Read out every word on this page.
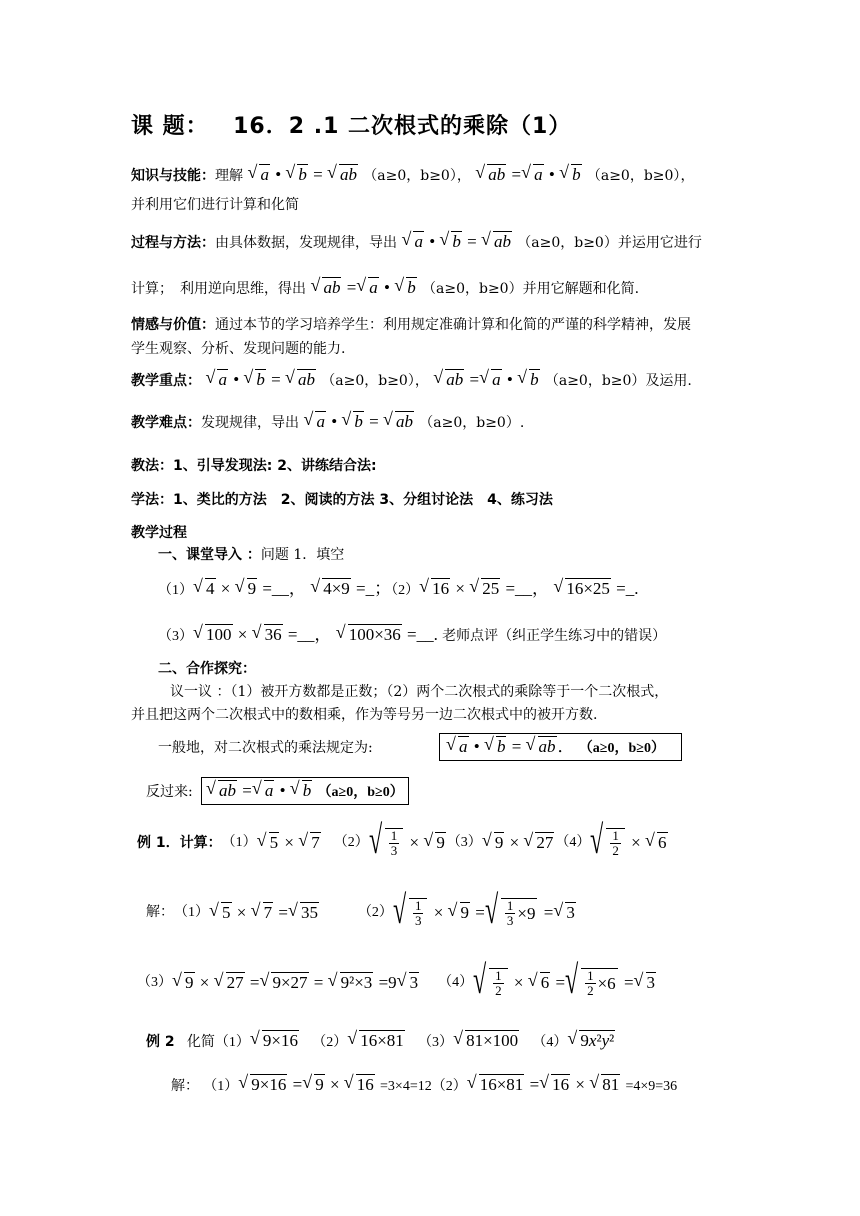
课 题： 16．2 .1 二次根式的乘除（1）
知识与技能：理解 √ a • √ b = √ ab （a≥0，b≥0）， √ ab = √ a • √ b （a≥0，b≥0），
并利用它们进行计算和化简
过程与方法：由具体数据，发现规律，导出 √ a • √ b = √ ab （a≥0，b≥0）并运用它进行
计算；　利用逆向思维，得出 √ ab = √ a • √ b （a≥0，b≥0）并用它解题和化简.
情感与价值：通过本节的学习培养学生：利用规定准确计算和化简的严谨的科学精神，发展
学生观察、分析、发现问题的能力.
教学重点： √ a • √ b = √ ab （a≥0，b≥0）， √ ab = √ a • √ b （a≥0，b≥0）及运用.
教学难点：发现规律，导出 √ a • √ b = √ ab （a≥0，b≥0）.
教法：1、引导发现法: 2、讲练结合法:
学法：1、类比的方法　2、阅读的方法 3、分组讨论法　4、练习法
教学过程
一、课堂导入 ：问题 1．填空
（1） √ 4 × √ 9 =__， √ 4×9 =_；（2） √ 16 × √ 25 =__， √ 16×25 =_.
（3） √ 100 × √ 36 =__， √ 100×36 =__. 老师点评（纠正学生练习中的错误）
二、合作探究：
议一议 ：（1）被开方数都是正数；（2）两个二次根式的乘除等于一个二次根式，
并且把这两个二次根式中的数相乘，作为等号另一边二次根式中的被开方数.
一般地，对二次根式的乘法规定为:	√ a • √ b = √ ab ． （a≥0，b≥0）
反过来:	√ ab = √ a • √ b （a≥0，b≥0）
例 1．计算： （1） √ 5 × √ 7 （2） √ $\frac{1}{3}$ × √ 9 （3） √ 9 × √ 27 （4） √ $\frac{1}{2}$ × √ 6
解： （1） √ 5 × √ 7 = √ 35	（2） √ $\frac{1}{3}$ × √ 9 = √ $\frac{1}{3} \times 9$ = √ 3
（3） √ 9 × √ 27 = √ 9×27 = √ 9²×3 =9 √ 3 （4） √ $\frac{1}{2}$ × √ 6 = √ $\frac{1}{2} \times 6$ = √ 3
例 2 化简（1） √ 9×16 （2） √ 16×81 （3） √ 81×100 （4） √ 9x²y²
解： （1） √ 9×16 = √ 9 × √ 16 =3×4=12（2） √ 16×81 = √ 16 × √ 81 =4×9=36
